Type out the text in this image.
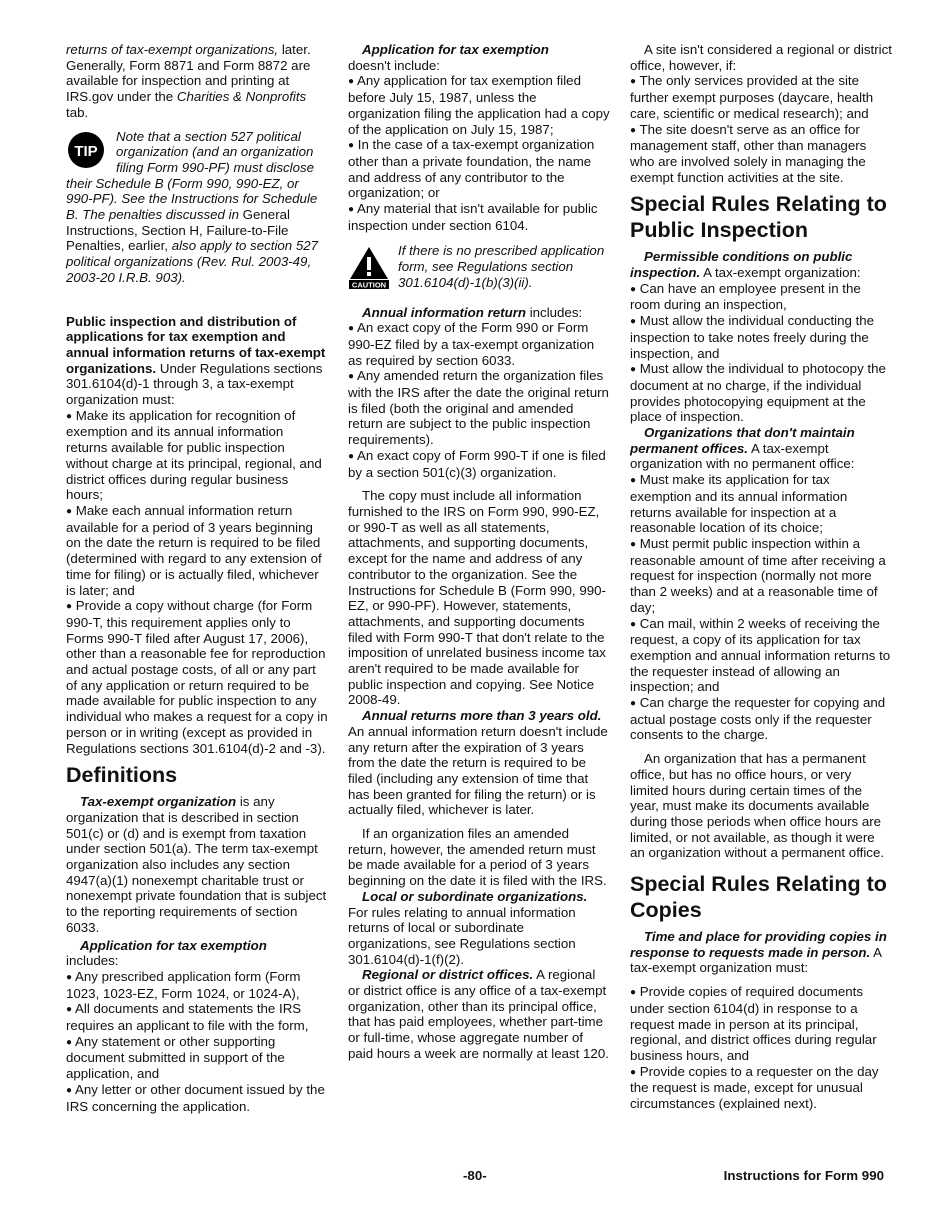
returns of tax-exempt organizations, later. Generally, Form 8871 and Form 8872 are available for inspection and printing at IRS.gov under the Charities & Nonprofits tab.

TIP
Note that a section 527 political organization (and an organization filing Form 990-PF) must disclose their Schedule B (Form 990, 990-EZ, or 990-PF). See the Instructions for Schedule B. The penalties discussed in General Instructions, Section H, Failure-to-File Penalties, earlier, also apply to section 527 political organizations (Rev. Rul. 2003-49, 2003-20 I.R.B. 903).

Public inspection and distribution of applications for tax exemption and annual information returns of tax-exempt organizations. Under Regulations sections 301.6104(d)-1 through 3, a tax-exempt organization must:

● Make its application for recognition of exemption and its annual information returns available for public inspection without charge at its principal, regional, and district offices during regular business hours;

● Make each annual information return available for a period of 3 years beginning on the date the return is required to be filed (determined with regard to any extension of time for filing) or is actually filed, whichever is later; and

● Provide a copy without charge (for Form 990-T, this requirement applies only to Forms 990-T filed after August 17, 2006), other than a reasonable fee for reproduction and actual postage costs, of all or any part of any application or return required to be made available for public inspection to any individual who makes a request for a copy in person or in writing (except as provided in Regulations sections 301.6104(d)-2 and -3).

Definitions

Tax-exempt organization is any organization that is described in section 501(c) or (d) and is exempt from taxation under section 501(a). The term tax-exempt organization also includes any section 4947(a)(1) nonexempt charitable trust or nonexempt private foundation that is subject to the reporting requirements of section 6033.

Application for tax exemption
includes:

● Any prescribed application form (Form 1023, 1023-EZ, Form 1024, or 1024-A),

● All documents and statements the IRS requires an applicant to file with the form,

● Any statement or other supporting document submitted in support of the application, and

● Any letter or other document issued by the IRS concerning the application.

Application for tax exemption
doesn't include:

● Any application for tax exemption filed before July 15, 1987, unless the organization filing the application had a copy of the application on July 15, 1987;

● In the case of a tax-exempt organization other than a private foundation, the name and address of any contributor to the organization; or

● Any material that isn't available for public inspection under section 6104.

CAUTION
If there is no prescribed application form, see Regulations section 301.6104(d)-1(b)(3)(ii).

Annual information return includes:

● An exact copy of the Form 990 or Form 990-EZ filed by a tax-exempt organization as required by section 6033.

● Any amended return the organization files with the IRS after the date the original return is filed (both the original and amended return are subject to the public inspection requirements).

● An exact copy of Form 990-T if one is filed by a section 501(c)(3) organization.

The copy must include all information furnished to the IRS on Form 990, 990-EZ, or 990-T as well as all statements, attachments, and supporting documents, except for the name and address of any contributor to the organization. See the Instructions for Schedule B (Form 990, 990-EZ, or 990-PF). However, statements, attachments, and supporting documents filed with Form 990-T that don't relate to the imposition of unrelated business income tax aren't required to be made available for public inspection and copying. See Notice 2008-49.

Annual returns more than 3 years old. An annual information return doesn't include any return after the expiration of 3 years from the date the return is required to be filed (including any extension of time that has been granted for filing the return) or is actually filed, whichever is later.

If an organization files an amended return, however, the amended return must be made available for a period of 3 years beginning on the date it is filed with the IRS.

Local or subordinate organizations. For rules relating to annual information returns of local or subordinate organizations, see Regulations section 301.6104(d)-1(f)(2).

Regional or district offices. A regional or district office is any office of a tax-exempt organization, other than its principal office, that has paid employees, whether part-time or full-time, whose aggregate number of paid hours a week are normally at least 120.

A site isn't considered a regional or district office, however, if:

● The only services provided at the site further exempt purposes (daycare, health care, scientific or medical research); and

● The site doesn't serve as an office for management staff, other than managers who are involved solely in managing the exempt function activities at the site.

Special Rules Relating to Public Inspection

Permissible conditions on public inspection. A tax-exempt organization:

● Can have an employee present in the room during an inspection,

● Must allow the individual conducting the inspection to take notes freely during the inspection, and

● Must allow the individual to photocopy the document at no charge, if the individual provides photocopying equipment at the place of inspection.

Organizations that don't maintain permanent offices. A tax-exempt organization with no permanent office:

● Must make its application for tax exemption and its annual information returns available for inspection at a reasonable location of its choice;

● Must permit public inspection within a reasonable amount of time after receiving a request for inspection (normally not more than 2 weeks) and at a reasonable time of day;

● Can mail, within 2 weeks of receiving the request, a copy of its application for tax exemption and annual information returns to the requester instead of allowing an inspection; and

● Can charge the requester for copying and actual postage costs only if the requester consents to the charge.

An organization that has a permanent office, but has no office hours, or very limited hours during certain times of the year, must make its documents available during those periods when office hours are limited, or not available, as though it were an organization without a permanent office.

Special Rules Relating to Copies

Time and place for providing copies in response to requests made in person. A tax-exempt organization must:

● Provide copies of required documents under section 6104(d) in response to a request made in person at its principal, regional, and district offices during regular business hours, and

● Provide copies to a requester on the day the request is made, except for unusual circumstances (explained next).

-80-	Instructions for Form 990
